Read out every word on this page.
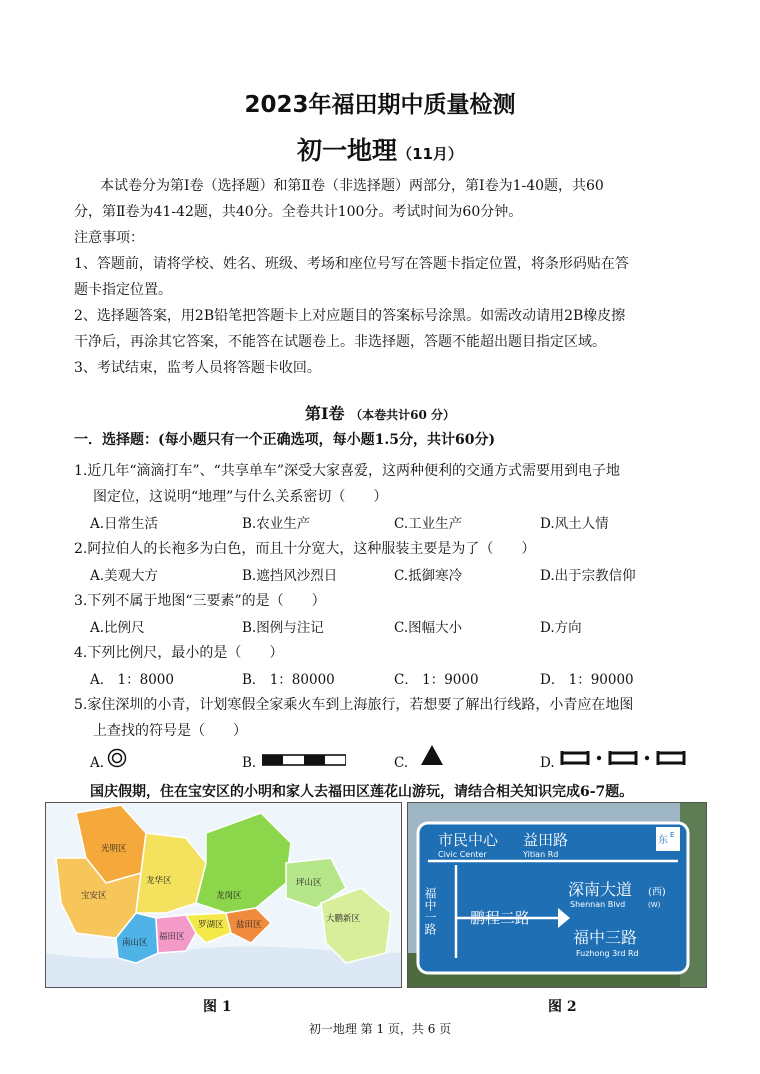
2023年福田期中质量检测
初一地理（11月）
本试卷分为第Ⅰ卷（选择题）和第Ⅱ卷（非选择题）两部分，第Ⅰ卷为1-40题，共60
分，第Ⅱ卷为41-42题，共40分。全卷共计100分。考试时间为60分钟。
注意事项：
1、答题前，请将学校、姓名、班级、考场和座位号写在答题卡指定位置，将条形码贴在答
题卡指定位置。
2、选择题答案，用2B铅笔把答题卡上对应题目的答案标号涂黑。如需改动请用2B橡皮擦
干净后，再涂其它答案，不能答在试题卷上。非选择题，答题不能超出题目指定区域。
3、考试结束，监考人员将答题卡收回。
第Ⅰ卷 （本卷共计60 分）
一．选择题：(每小题只有一个正确选项，每小题1.5分，共计60分)
1.近几年“滴滴打车”、“共享单车”深受大家喜爱，这两种便利的交通方式需要用到电子地
图定位，这说明“地理”与什么关系密切（　　）
A.日常生活	B.农业生产	C.工业生产	D.风土人情
2.阿拉伯人的长袍多为白色，而且十分宽大，这种服装主要是为了（　　）
A.美观大方	B.遮挡风沙烈日	C.抵御寒冷	D.出于宗教信仰
3.下列不属于地图“三要素”的是（　　）
A.比例尺	B.图例与注记	C.图幅大小	D.方向
4.下列比例尺，最小的是（　　）
A． 1：8000	B． 1：80000	C． 1：9000	D． 1：90000
5.家住深圳的小青，计划寒假全家乘火车到上海旅行，若想要了解出行线路，小青应在地图
上查找的符号是（　　）
A.	B.	C.	D.
国庆假期，住在宝安区的小明和家人去福田区莲花山游玩，请结合相关知识完成6-7题。
光明区
宝安区
龙华区
龙岗区
坪山区
大鹏新区
南山区
福田区
罗湖区 盐田区
图 1
市民中心
Civic Center
益田路
Yitian Rd
东 E
福中一路 鹏程二路
深南大道 (西)
Shennan Blvd	(W)
福中三路
Fuzhong 3rd Rd
图 2
初一地理 第 1 页，共 6 页
